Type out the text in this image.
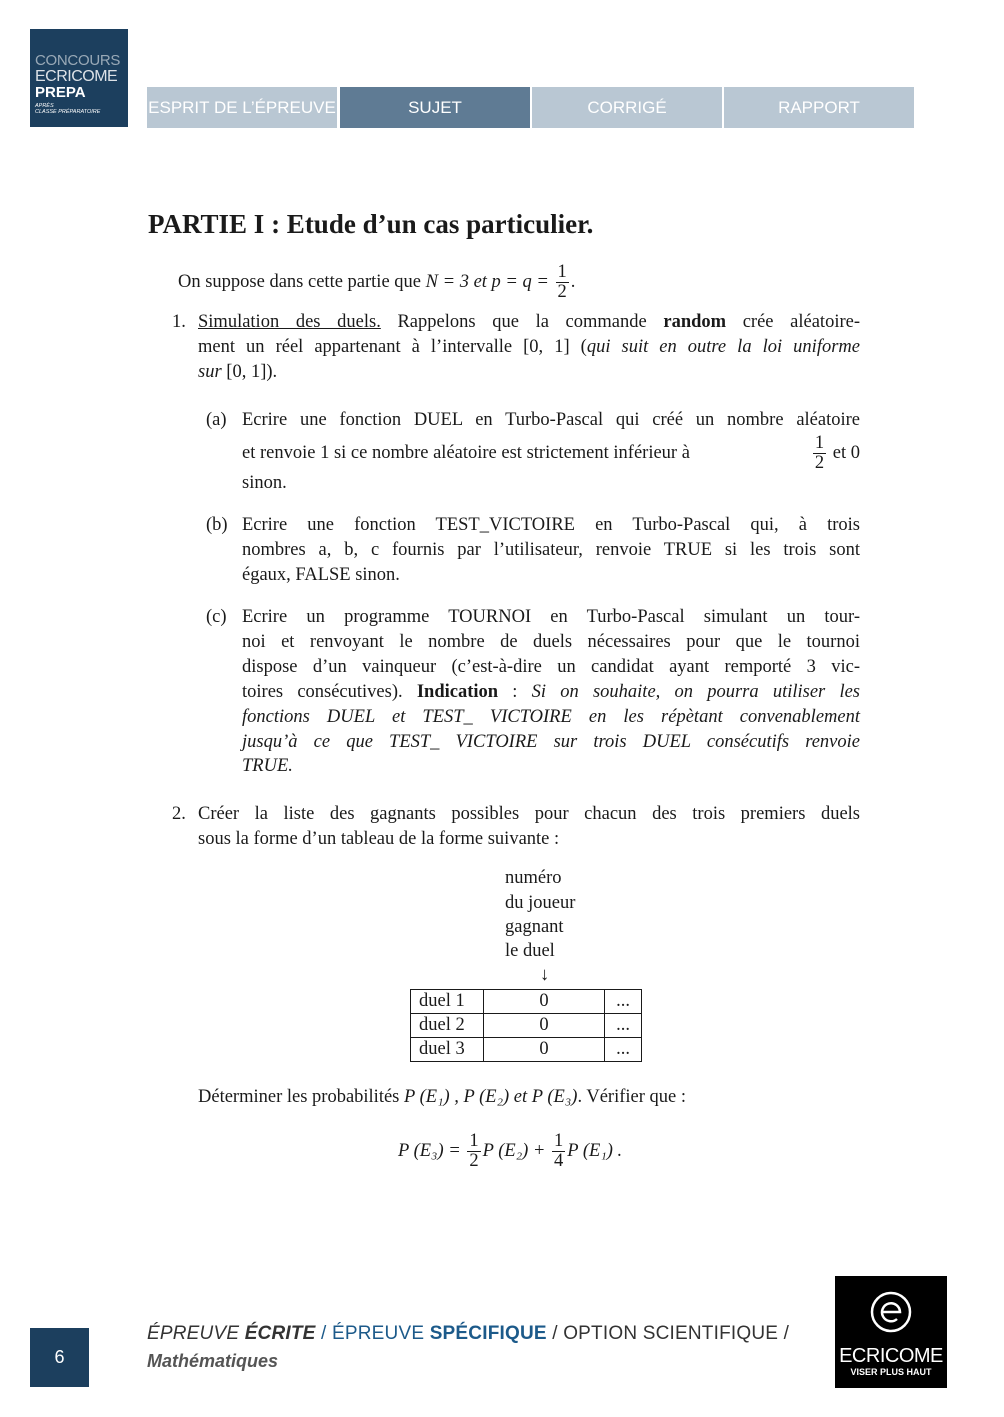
CONCOURS
ECRICOME
PREPA
APRÈS
CLASSE PRÉPARATOIRE	ESPRIT DE L’ÉPREUVE	SUJET	CORRIGÉ	RAPPORT
PARTIE I : Etude d’un cas particulier.
On suppose dans cette partie que N = 3 et $p = q = \frac{1}{2}$ .
1. Simulation des duels. Rappelons que la commande random crée aléatoire-
ment un réel appartenant à l’intervalle [0, 1] (qui suit en outre la loi uniforme
sur [0, 1]).
(a) Ecrire une fonction DUEL en Turbo-Pascal qui créé un nombre aléatoire
et renvoie 1 si ce nombre aléatoire est strictement inférieur à	$\frac{1}{2}$ et 0
sinon.
(b) Ecrire une fonction TEST_VICTOIRE en Turbo-Pascal qui, à trois
nombres a, b, c fournis par l’utilisateur, renvoie TRUE si les trois sont
égaux, FALSE sinon.
(c) Ecrire un programme TOURNOI en Turbo-Pascal simulant un tour-
noi et renvoyant le nombre de duels nécessaires pour que le tournoi
dispose d’un vainqueur (c’est-à-dire un candidat ayant remporté 3 vic-
toires consécutives). Indication : Si on souhaite, on pourra utiliser les
fonctions DUEL et TEST_ VICTOIRE en les répètant convenablement
jusqu’à ce que TEST_ VICTOIRE sur trois DUEL consécutifs renvoie
TRUE.
2. Créer la liste des gagnants possibles pour chacun des trois premiers duels
sous la forme d’un tableau de la forme suivante :
numéro
du joueur
gagnant
le duel
↓
duel 1	0	...
duel 2	0	...
duel 3	0	...
Déterminer les probabilités P (E₁) , P (E₂) et P (E₃). Vérifier que :
P $(E_3) = \frac{1}{2}$ P $(E_2) + \frac{1}{4}$ P (E₁) .
6
ÉPREUVE ÉCRITE / ÉPREUVE SPÉCIFIQUE / OPTION SCIENTIFIQUE /
Mathématiques	ECRICOME
VISER PLUS HAUT
